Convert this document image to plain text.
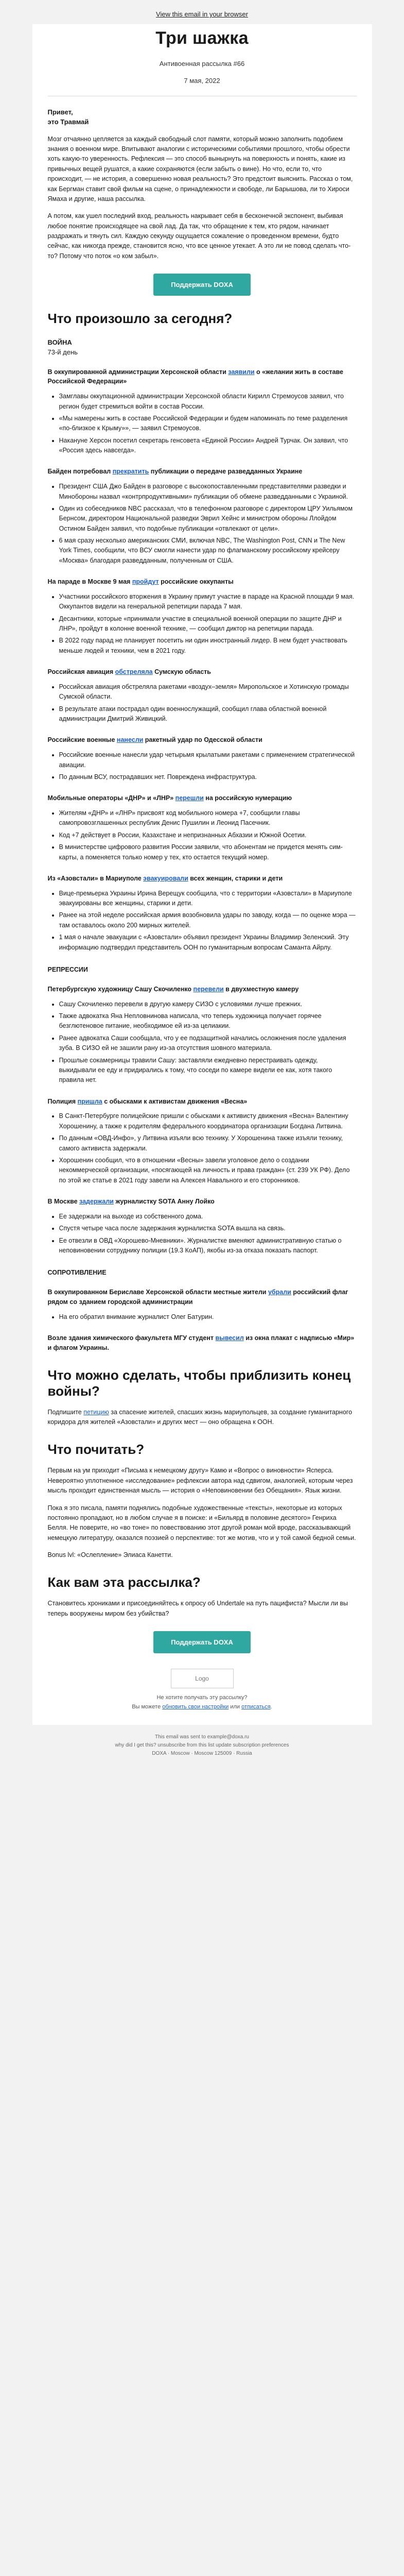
View this email in your browser
Три шажка
Антивоенная рассылка #66
7 мая, 2022
Привет,
это Травмай

Мозг отчаянно цепляется за каждый свободный слот памяти, который можно заполнить подобием знания о военном мире. Впитывают аналогии с историческими событиями прошлого, чтобы обрести хоть какую-то уверенность. Рефлексия — это способ вынырнуть на поверхность и понять, какие из привычных вещей рушатся, а какие сохраняются (если забыть о вине). Но что, если то, что происходит, — не история, а совершенно новая реальность? Это предстоит выяснить. Рассказ о том, как Бергман ставит свой фильм на сцене, о принадлежности и свободе, ли Барышова, ли то Хироси Ямаха и другие, наша рассылка.

А потом, как ушел последний вход, реальность накрывает себя в бесконечной экспонент, выбивая любое понятие происходящее на свой лад. Да так, что обращение к тем, кто рядом, начинает раздражать и тянуть сил. Каждую секунду ощущается сожаление о проведенном времени, будто сейчас, как никогда прежде, становится ясно, что все ценное утекает. А это ли не повод сделать что-то? Потому что поток «о ком забыл».

Поддержать DOXA
Что произошло за сегодня?
ВОЙНА
73-й день
В оккупированной администрации Херсонской области заявили о «желании жить в составе Российской Федерации»
• Замглавы оккупационной администрации Херсонской области Кирилл Стремоусов заявил, что регион будет стремиться войти в состав России.
• «Мы намерены жить в составе Российской Федерации и будем напоминать по теме разделения «по-близкое к Крыму»», — заявил Стремоусов.
• Накануне Херсон посетил секретарь генсовета «Единой России» Андрей Турчак. Он заявил, что «Россия здесь навсегда».
Байден потребовал прекратить публикации о передаче разведданных Украине
• Президент США Джо Байден в разговоре с высокопоставленными представителями разведки и Минобороны назвал «контрпродуктивными» публикации об обмене разведданными с Украиной.
• Один из собеседников NBC рассказал, что в телефонном разговоре с директором ЦРУ Уильямом Бернсом, директором Национальной разведки Эврил Хейнс и министром обороны Ллойдом Остином Байден заявил, что подобные публикации «отвлекают от цели».
• 6 мая сразу несколько американских СМИ, включая NBC, The Washington Post, CNN и The New York Times, сообщили, что ВСУ смогли нанести удар по флагманскому российскому крейсеру «Москва» благодаря разведданным, полученным от США.
На параде в Москве 9 мая пройдут российские оккупанты
• Участники российского вторжения в Украину примут участие в параде на Красной площади 9 мая. Оккупантов видели на генеральной репетиции парада 7 мая.
• Десантники, которые «принимали участие в специальной военной операции по защите ДНР и ЛНР», пройдут в колонне военной технике, — сообщил диктор на репетиции парада.
• В 2022 году парад не планирует посетить ни один иностранный лидер. В нем будет участвовать меньше людей и техники, чем в 2021 году.
Российская авиация обстреляла Сумскую область
• Российская авиация обстреляла ракетами «воздух–земля» Миропольское и Хотинскую громады Сумской области.
• В результате атаки пострадал один военнослужащий, сообщил глава областной военной администрации Дмитрий Живицкий.
Российские военные нанесли ракетный удар по Одесской области
• Российские военные нанесли удар четырьмя крылатыми ракетами с применением стратегической авиации.
• По данным ВСУ, пострадавших нет. Повреждена инфраструктура.
Мобильные операторы «ДНР» и «ЛНР» перешли на российскую нумерацию
• Жителям «ДНР» и «ЛНР» присвоят код мобильного номера +7, сообщили главы самопровозглашенных республик Денис Пушилин и Леонид Пасечник.
• Код +7 действует в России, Казахстане и непризнанных Абхазии и Южной Осетии.
• В министерстве цифрового развития России заявили, что абонентам не придется менять сим-карты, а поменяется только номер у тех, кто остается текущий номер.
Из «Азовстали» в Мариуполе эвакуировали всех женщин, старики и дети
• Вице-премьерка Украины Ирина Верещук сообщила, что с территории «Азовстали» в Мариуполе эвакуированы все женщины, старики и дети.
• Ранее на этой неделе российская армия возобновила удары по заводу, когда — по оценке мэра — там оставалось около 200 мирных жителей.
• 1 мая о начале эвакуации с «Азовстали» объявил президент Украины Владимир Зеленский. Эту информацию подтвердил представитель ООН по гуманитарным вопросам Саманта Айрлу.
РЕПРЕССИИ
Петербургскую художницу Сашу Скочиленко перевели в двухместную камеру
• Сашу Скочиленко перевели в другую камеру СИЗО с условиями лучше прежних.
• Также адвокатка Яна Непловнинова написала, что теперь художница получает горячее безглютеновое питание, необходимое ей из-за целиакии.
• Ранее адвокатка Саши сообщала, что у ее подзащитной начались осложнения после удаления зуба. В СИЗО ей не зашили рану из-за отсутствия шовного материала.
• Прошлые сокамерницы травили Сашу: заставляли ежедневно перестраивать одежду, выкидывали ее еду и придирались к тому, что соседи по камере видели ее как, хотя такого правила нет.
Полиция пришла с обысками к активистам движения «Весна»
• В Санкт-Петербурге полицейские пришли с обысками к активисту движения «Весна» Валентину Хорошенину, а также к родителям федерального координатора организации Богдана Литвина.
• По данным «ОВД-Инфо», у Литвина изъяли всю технику. У Хорошенина также изъяли технику, самого активиста задержали.
• Хорошенин сообщил, что в отношении «Весны» завели уголовное дело о создании некоммерческой организации, «посягающей на личность и права граждан» (ст. 239 УК РФ). Дело по этой же статье в 2021 году завели на Алексея Навального и его сторонников.
В Москве задержали журналистку SOTA Анну Лойко
• Ее задержали на выходе из собственного дома.
• Спустя четыре часа после задержания журналистка SOTA вышла на связь.
• Ее отвезли в ОВД «Хорошево-Мневники». Журналистке вменяют административную статью о неповиновении сотруднику полиции (19.3 КоАП), якобы из-за отказа показать паспорт.
СОПРОТИВЛЕНИЕ
В оккупированном Бериславе Херсонской области местные жители убрали российский флаг рядом со зданием городской администрации
• На его обратил внимание журналист Олег Батурин.
Возле здания химического факультета МГУ студент вывесил из окна плакат с надписью «Мир» и флагом Украины.
Что можно сделать, чтобы приблизить конец войны?

Подпишите петицию за спасение жителей, спасших жизнь мариупольцев, за создание гуманитарного коридора для жителей «Азовстали» и других мест — оно обращена к ООН.

Что почитать?

Первым на ум приходит «Письма к немецкому другу» Камю и «Вопрос о виновности» Ясперса. Невероятно уплотненное «исследование» рефлексии автора над сдвигом, аналогией, которым через мысль проходит единственная мысль — история о «Неповиновении без Обещания». Язык жизни.

Пока я это писала, памяти поднялись подобные художественные «тексты», некоторые из которых постоянно пропадают, но в любом случае я в поиске: и «Бильярд в половине десятого» Генриха Белля. Не поверите, но «во тоне» по повествованию этот другой роман мой вроде, рассказывающий немецкую литературу, оказался поэзией о перспективе: тот же мотив, что и у той самой бедной семьи.

Bonus lvl: «Ослепление» Элиаса Канетти.

Как вам эта рассылка?

Становитесь хрониками и присоединяйтесь к опросу об Undertale на путь пацифиста? Мысли ли вы теперь вооружены миром без убийства?

Поддержать DOXA
Logo
Не хотите получать эту рассылку?
Вы можете обновить свои настройки или отписаться.
This email was sent to example@doxa.ru
why did I get this? unsubscribe from this list update subscription preferences
DOXA · Moscow · Moscow 125009 · Russia
